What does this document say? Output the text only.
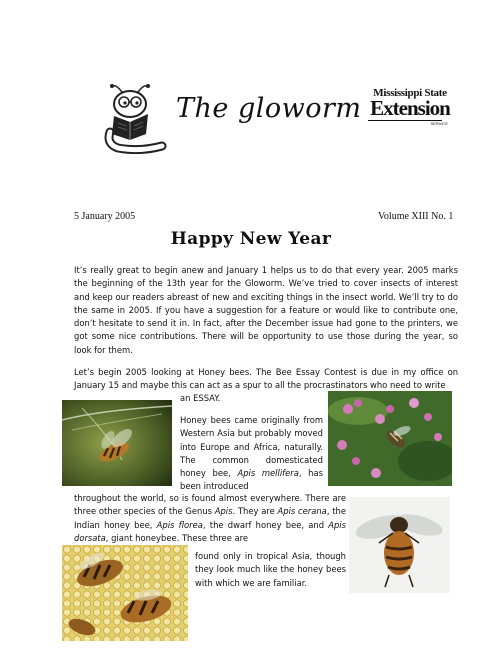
The gloworm	Mississippi State
Extension
SERVICE
5 January 2005	Volume XIII No. 1
Happy New Year
It’s really great to begin anew and January 1 helps us to do that every year. 2005 marks the beginning of the 13th year for the Gloworm. We’ve tried to cover insects of interest and keep our readers abreast of new and exciting things in the insect world. We’ll try to do the same in 2005. If you have a suggestion for a feature or would like to contribute one, don’t hesitate to send it in. In fact, after the December issue had gone to the printers, we got some nice contributions. There will be opportunity to use those during the year, so look for them.
Let’s begin 2005 looking at Honey bees. The Bee Essay Contest is due in my office on January 15 and maybe this can act as a spur to all the procrastinators who need to write
an ESSAY.
Honey bees came originally from Western Asia but probably moved into Europe and Africa, naturally. The common domesticated honey bee, Apis mellifera, has been introduced
throughout the world, so is found almost everywhere. There are three other species of the Genus Apis. They are Apis cerana, the Indian honey bee, Apis florea, the dwarf honey bee, and Apis dorsata, giant honeybee. These three are
found only in tropical Asia, though they look much like the honey bees with which we are familiar.
